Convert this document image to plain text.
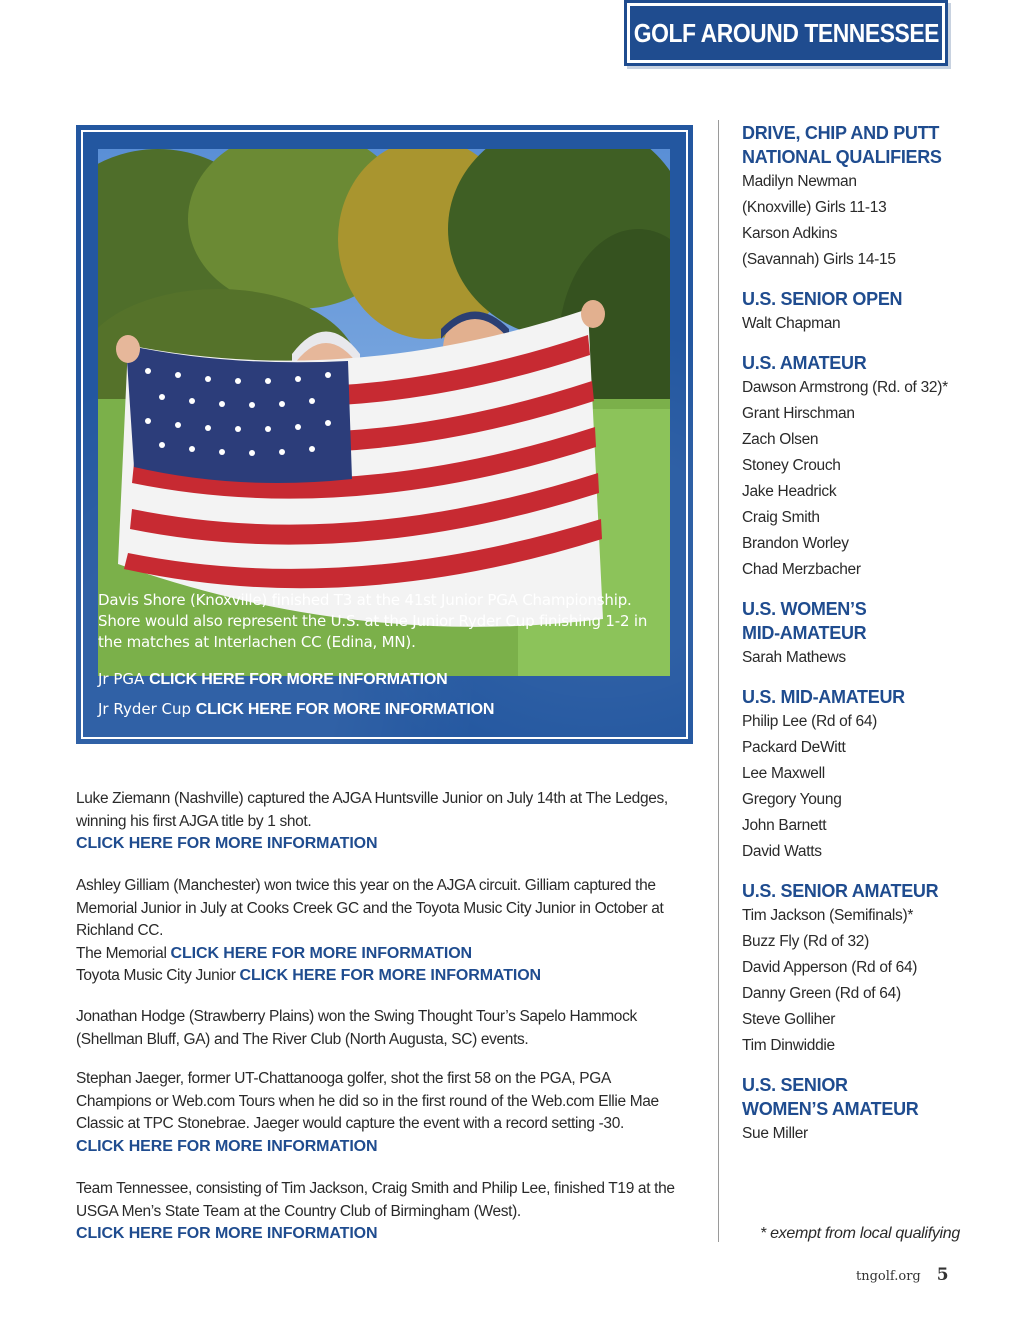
GOLF AROUND TENNESSEE
Davis Shore (Knoxville) finished T3 at the 41st Junior PGA Championship. Shore would also represent the U.S. at the Junior Ryder Cup finishing 1-2 in the matches at Interlachen CC (Edina, MN).
Jr PGA CLICK HERE FOR MORE INFORMATION
Jr Ryder Cup CLICK HERE FOR MORE INFORMATION
Luke Ziemann (Nashville) captured the AJGA Huntsville Junior on July 14th at The Ledges, winning his first AJGA title by 1 shot.
CLICK HERE FOR MORE INFORMATION
Ashley Gilliam (Manchester) won twice this year on the AJGA circuit. Gilliam captured the Memorial Junior in July at Cooks Creek GC and the Toyota Music City Junior in October at Richland CC.
The Memorial CLICK HERE FOR MORE INFORMATION
Toyota Music City Junior CLICK HERE FOR MORE INFORMATION
Jonathan Hodge (Strawberry Plains) won the Swing Thought Tour’s Sapelo Hammock (Shellman Bluff, GA) and The River Club (North Augusta, SC) events.
Stephan Jaeger, former UT-Chattanooga golfer, shot the first 58 on the PGA, PGA Champions or Web.com Tours when he did so in the first round of the Web.com Ellie Mae Classic at TPC Stonebrae. Jaeger would capture the event with a record setting -30.
CLICK HERE FOR MORE INFORMATION
Team Tennessee, consisting of Tim Jackson, Craig Smith and Philip Lee, finished T19 at the USGA Men’s State Team at the Country Club of Birmingham (West).
CLICK HERE FOR MORE INFORMATION
DRIVE, CHIP AND PUTT
NATIONAL QUALIFIERS
Madilyn Newman
(Knoxville) Girls 11-13
Karson Adkins
(Savannah) Girls 14-15
U.S. SENIOR OPEN
Walt Chapman
U.S. AMATEUR
Dawson Armstrong (Rd. of 32)*
Grant Hirschman
Zach Olsen
Stoney Crouch
Jake Headrick
Craig Smith
Brandon Worley
Chad Merzbacher
U.S. WOMEN’S
MID-AMATEUR
Sarah Mathews
U.S. MID-AMATEUR
Philip Lee (Rd of 64)
Packard DeWitt
Lee Maxwell
Gregory Young
John Barnett
David Watts
U.S. SENIOR AMATEUR
Tim Jackson (Semifinals)*
Buzz Fly (Rd of 32)
David Apperson (Rd of 64)
Danny Green (Rd of 64)
Steve Golliher
Tim Dinwiddie
U.S. SENIOR
WOMEN’S AMATEUR
Sue Miller
* exempt from local qualifying
tngolf.org 5
